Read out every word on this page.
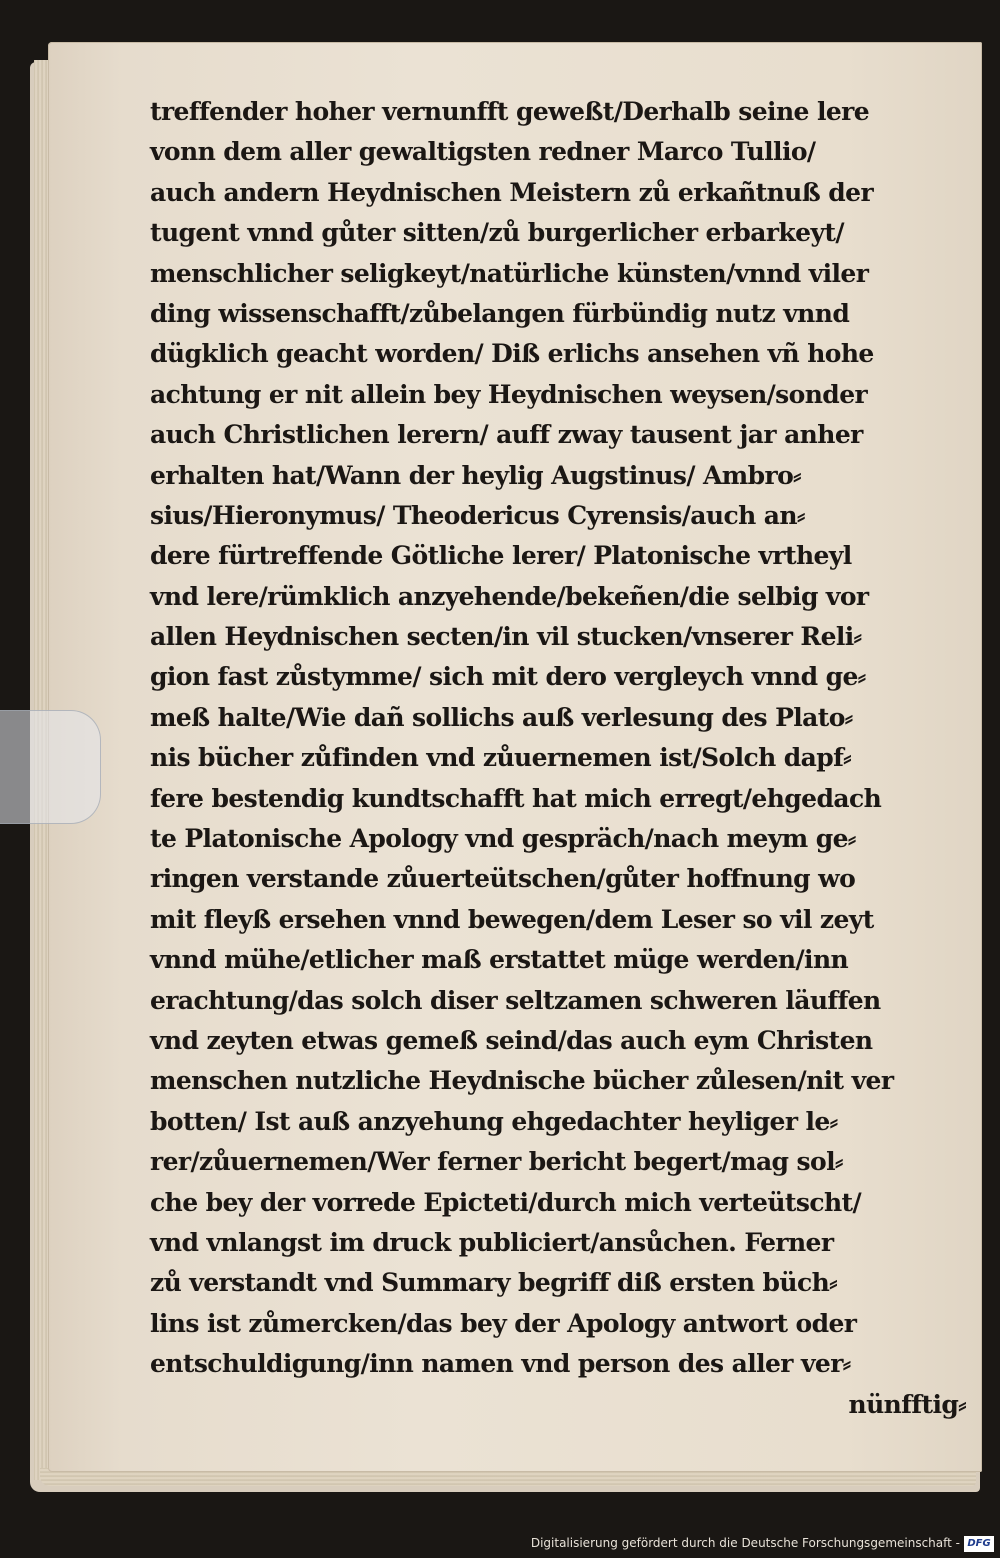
treffender hoher vernunfft geweßt/Derhalb seine lere
vonn dem aller gewaltigsten redner Marco Tullio/
auch andern Heydnischen Meistern zů erkañtnuß der
tugent vnnd gůter sitten/zů burgerlicher erbarkeyt/
menschlicher seligkeyt/natürliche künsten/vnnd viler
ding wissenschafft/zůbelangen fürbündig nutz vnnd
dügklich geacht worden/ Diß erlichs ansehen vñ hohe
achtung er nit allein bey Heydnischen weysen/sonder
auch Christlichen lerern/ auff zway tausent jar anher
erhalten hat/Wann der heylig Augstinus/ Ambro⸗
sius/Hieronymus/ Theodericus Cyrensis/auch an⸗
dere fürtreffende Götliche lerer/ Platonische vrtheyl
vnd lere/rümklich anzyehende/bekeñen/die selbig vor
allen Heydnischen secten/in vil stucken/vnserer Reli⸗
gion fast zůstymme/ sich mit dero vergleych vnnd ge⸗
meß halte/Wie dañ sollichs auß verlesung des Plato⸗
nis bücher zůfinden vnd zůuernemen ist/Solch dapf⸗
fere bestendig kundtschafft hat mich erregt/ehgedach
te Platonische Apology vnd gespräch/nach meym ge⸗
ringen verstande zůuerteütschen/gůter hoffnung wo
mit fleyß ersehen vnnd bewegen/dem Leser so vil zeyt
vnnd mühe/etlicher maß erstattet müge werden/inn
erachtung/das solch diser seltzamen schweren läuffen
vnd zeyten etwas gemeß seind/das auch eym Christen
menschen nutzliche Heydnische bücher zůlesen/nit ver
botten/ Ist auß anzyehung ehgedachter heyliger le⸗
rer/zůuernemen/Wer ferner bericht begert/mag sol⸗
che bey der vorrede Epicteti/durch mich verteütscht/
vnd vnlangst im druck publiciert/ansůchen. Ferner
zů verstandt vnd Summary begriff diß ersten büch⸗
lins ist zůmercken/das bey der Apology antwort oder
entschuldigung/inn namen vnd person des aller ver⸗
nünfftig⸗
Digitalisierung gefördert durch die Deutsche Forschungsgemeinschaft - DFG
